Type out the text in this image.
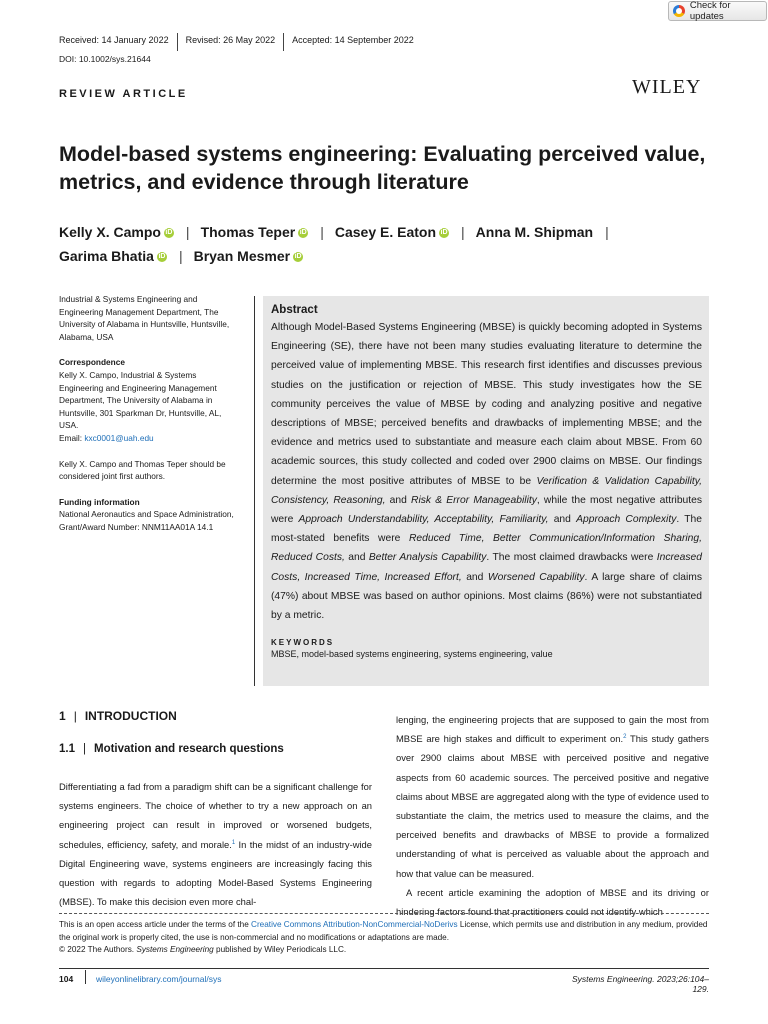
Check for updates
Received: 14 January 2022	Revised: 26 May 2022	Accepted: 14 September 2022
DOI: 10.1002/sys.21644
REVIEW ARTICLE	WILEY
Model-based systems engineering: Evaluating perceived value, metrics, and evidence through literature
Kelly X. Campo iD | Thomas Teper iD | Casey E. Eaton iD | Anna M. Shipman |
Garima Bhatia iD | Bryan Mesmer iD

Industrial & Systems Engineering and Engineering Management Department, The University of Alabama in Huntsville, Huntsville, Alabama, USA

Correspondence
Kelly X. Campo, Industrial & Systems Engineering and Engineering Management Department, The University of Alabama in Huntsville, 301 Sparkman Dr, Huntsville, AL, USA.
Email: kxc0001@uah.edu

Kelly X. Campo and Thomas Teper should be considered joint first authors.

Funding information
National Aeronautics and Space Administration, Grant/Award Number: NNM11AA01A 14.1

Abstract

Although Model-Based Systems Engineering (MBSE) is quickly becoming adopted in Systems Engineering (SE), there have not been many studies evaluating literature to determine the perceived value of implementing MBSE. This research first identifies and discusses previous studies on the justification or rejection of MBSE. This study investigates how the SE community perceives the value of MBSE by coding and analyzing positive and negative descriptions of MBSE; perceived benefits and drawbacks of implementing MBSE; and the evidence and metrics used to substantiate and measure each claim about MBSE. From 60 academic sources, this study collected and coded over 2900 claims on MBSE. Our findings determine the most positive attributes of MBSE to be Verification & Validation Capability, Consistency, Reasoning, and Risk & Error Manageability, while the most negative attributes were Approach Understandability, Acceptability, Familiarity, and Approach Complexity. The most-stated benefits were Reduced Time, Better Communication/Information Sharing, Reduced Costs, and Better Analysis Capability. The most claimed drawbacks were Increased Costs, Increased Time, Increased Effort, and Worsened Capability. A large share of claims (47%) about MBSE was based on author opinions. Most claims (86%) were not substantiated by a metric.

KEYWORDS
MBSE, model-based systems engineering, systems engineering, value
1 | INTRODUCTION
1.1 | Motivation and research questions
Differentiating a fad from a paradigm shift can be a significant challenge for systems engineers. The choice of whether to try a new approach on an engineering project can result in improved or worsened budgets, schedules, efficiency, safety, and morale.$^1$ In the midst of an industry-wide Digital Engineering wave, systems engineers are increasingly facing this question with regards to adopting Model-Based Systems Engineering (MBSE). To make this decision even more chal-
lenging, the engineering projects that are supposed to gain the most from MBSE are high stakes and difficult to experiment on.$^2$ This study gathers over 2900 claims about MBSE with perceived positive and negative aspects from 60 academic sources. The perceived positive and negative claims about MBSE are aggregated along with the type of evidence used to substantiate the claim, the metrics used to measure the claims, and the perceived benefits and drawbacks of MBSE to provide a formalized understanding of what is perceived as valuable about the approach and how that value can be measured.
A recent article examining the adoption of MBSE and its driving or hindering factors found that practitioners could not identify which
This is an open access article under the terms of the Creative Commons Attribution-NonCommercial-NoDerivs License, which permits use and distribution in any medium, provided the original work is properly cited, the use is non-commercial and no modifications or adaptations are made.
© 2022 The Authors. Systems Engineering published by Wiley Periodicals LLC.
104	wileyonlinelibrary.com/journal/sys	Systems Engineering. 2023;26:104–129.
